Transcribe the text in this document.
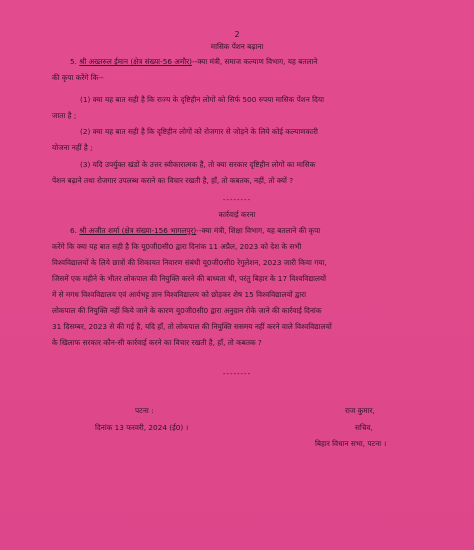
2
मासिक पेंशन बढ़ाना
5. श्री अख्तरुल ईमान (क्षेत्र संख्या-56 अमौर)--क्या मंत्री, समाज कल्याण विभाग, यह बतलाने
की कृपा करेंगे कि--
(1) क्या यह बात सही है कि राज्य के दृष्टिहीन लोगों को सिर्फ 500 रुपया मासिक पेंशन दिया
जाता है ;
(2) क्या यह बात सही है कि दृष्टिहीन लोगों को रोजगार से जोड़ने के लिये कोई कल्याणकारी
योजना नहीं है ;
(3) यदि उपर्युक्त खंडों के उत्तर स्वीकारात्मक हैं, तो क्या सरकार दृष्टिहीन लोगों का मासिक
पेंशन बढ़ाने तथा रोजगार उपलब्ध कराने का विचार रखती है, हाँ, तो कबतक, नहीं, तो क्यों ?
--------
कार्रवाई करना
6. श्री अजीत शर्मा (क्षेत्र संख्या-156 भागलपुर)--क्या मंत्री, शिक्षा विभाग, यह बतलाने की कृपा
करेंगे कि क्या यह बात सही है कि यू0जी0सी0 द्वारा दिनांक 11 अप्रैल, 2023 को देश के सभी
विश्वविद्यालयों के लिये छात्रों की शिकायत निवारण संबंधी यू0जी0सी0 रेगुलेशन, 2023 जारी किया गया,
जिसमें एक महीने के भीतर लोकपाल की नियुक्ति करने की बाध्यता थी, परंतु बिहार के 17 विश्वविद्यालयों
में से मगध विश्वविद्यालय एवं आर्यभट्ट ज्ञान विश्वविद्यालय को छोड़कर शेष 15 विश्वविद्यालयों द्वारा
लोकपाल की नियुक्ति नहीं किये जाने के कारण यू0जी0सी0 द्वारा अनुदान रोके जाने की कार्रवाई दिनांक
31 दिसम्बर, 2023 से की गई है, यदि हाँ, तो लोकपाल की नियुक्ति ससमय नहीं करने वाले विश्वविद्यालयों
के खिलाफ सरकार कौन-सी कार्रवाई करने का विचार रखती है, हाँ, तो कबतक ?
--------
पटना :
दिनांक 13 फरवरी, 2024 (ई0) ।
राज कुमार,
सचिव,
बिहार विधान सभा, पटना ।
